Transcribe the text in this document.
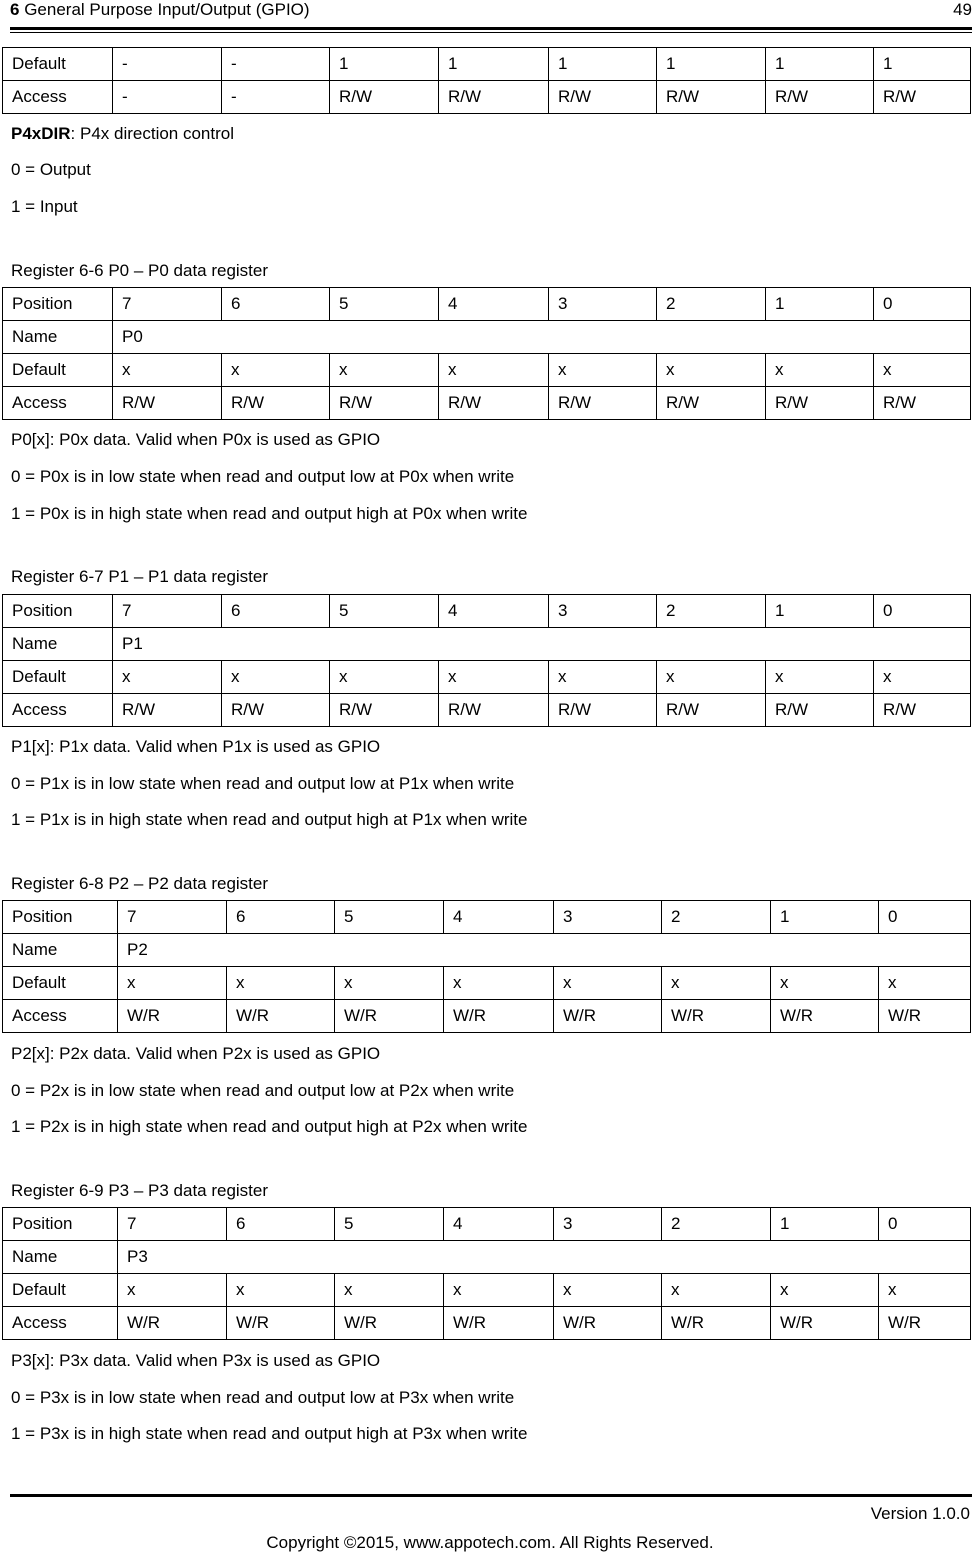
6 General Purpose Input/Output (GPIO)	49
Default	-	-	1	1	1	1	1	1
Access	-	-	R/W	R/W	R/W	R/W	R/W	R/W
P4xDIR: P4x direction control
0 = Output
1 = Input
Register 6-6 P0 – P0 data register
Position	7	6	5	4	3	2	1	0
Name	P0							
Default	x	x	x	x	x	x	x	x
Access	R/W	R/W	R/W	R/W	R/W	R/W	R/W	R/W
P0[x]: P0x data. Valid when P0x is used as GPIO
0 = P0x is in low state when read and output low at P0x when write
1 = P0x is in high state when read and output high at P0x when write
Register 6-7 P1 – P1 data register
Position	7	6	5	4	3	2	1	0
Name	P1							
Default	x	x	x	x	x	x	x	x
Access	R/W	R/W	R/W	R/W	R/W	R/W	R/W	R/W
P1[x]: P1x data. Valid when P1x is used as GPIO
0 = P1x is in low state when read and output low at P1x when write
1 = P1x is in high state when read and output high at P1x when write
Register 6-8 P2 – P2 data register
Position	7	6	5	4	3	2	1	0
Name	P2							
Default	x	x	x	x	x	x	x	x
Access	W/R	W/R	W/R	W/R	W/R	W/R	W/R	W/R
P2[x]: P2x data. Valid when P2x is used as GPIO
0 = P2x is in low state when read and output low at P2x when write
1 = P2x is in high state when read and output high at P2x when write
Register 6-9 P3 – P3 data register
Position	7	6	5	4	3	2	1	0
Name	P3							
Default	x	x	x	x	x	x	x	x
Access	W/R	W/R	W/R	W/R	W/R	W/R	W/R	W/R
P3[x]: P3x data. Valid when P3x is used as GPIO
0 = P3x is in low state when read and output low at P3x when write
1 = P3x is in high state when read and output high at P3x when write
Version 1.0.0
Copyright ©2015, www.appotech.com. All Rights Reserved.
